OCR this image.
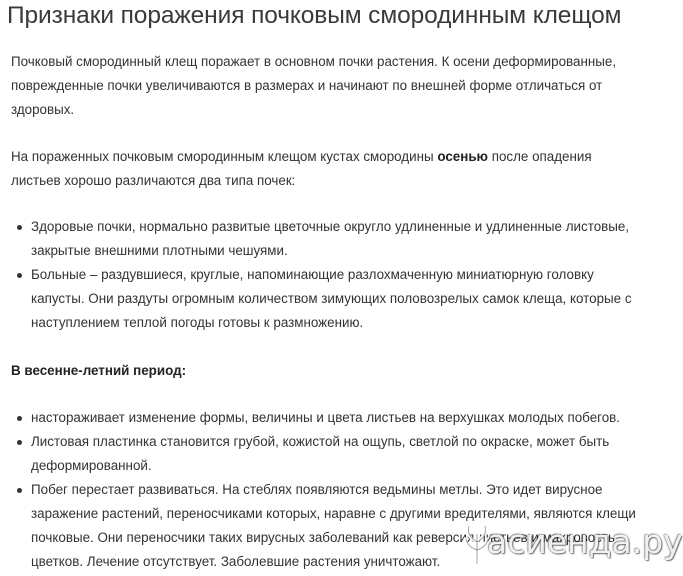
Признаки поражения почковым смородинным клещом

Почковый смородинный клещ поражает в основном почки растения. К осени деформированные, поврежденные почки увеличиваются в размерах и начинают по внешней форме отличаться от здоровых.

На пораженных почковым смородинным клещом кустах смородины осенью после опадения листьев хорошо различаются два типа почек:

Здоровые почки, нормально развитые цветочные округло удлиненные и удлиненные листовые, закрытые внешними плотными чешуями.
Больные – раздувшиеся, круглые, напоминающие разлохмаченную миниатюрную головку капусты. Они раздуты огромным количеством зимующих половозрелых самок клеща, которые с наступлением теплой погоды готовы к размножению.

В весенне-летний период:

настораживает изменение формы, величины и цвета листьев на верхушках молодых побегов.
Листовая пластинка становится грубой, кожистой на ощупь, светлой по окраске, может быть деформированной.
Побег перестает развиваться. На стеблях появляются ведьмины метлы. Это идет вирусное заражение растений, переносчиками которых, наравне с другими вредителями, являются клещи почковые. Они переносчики таких вирусных заболеваний как реверсия листьев и махровость цветков. Лечение отсутствует. Заболевшие растения уничтожают.
асиенда.ру
